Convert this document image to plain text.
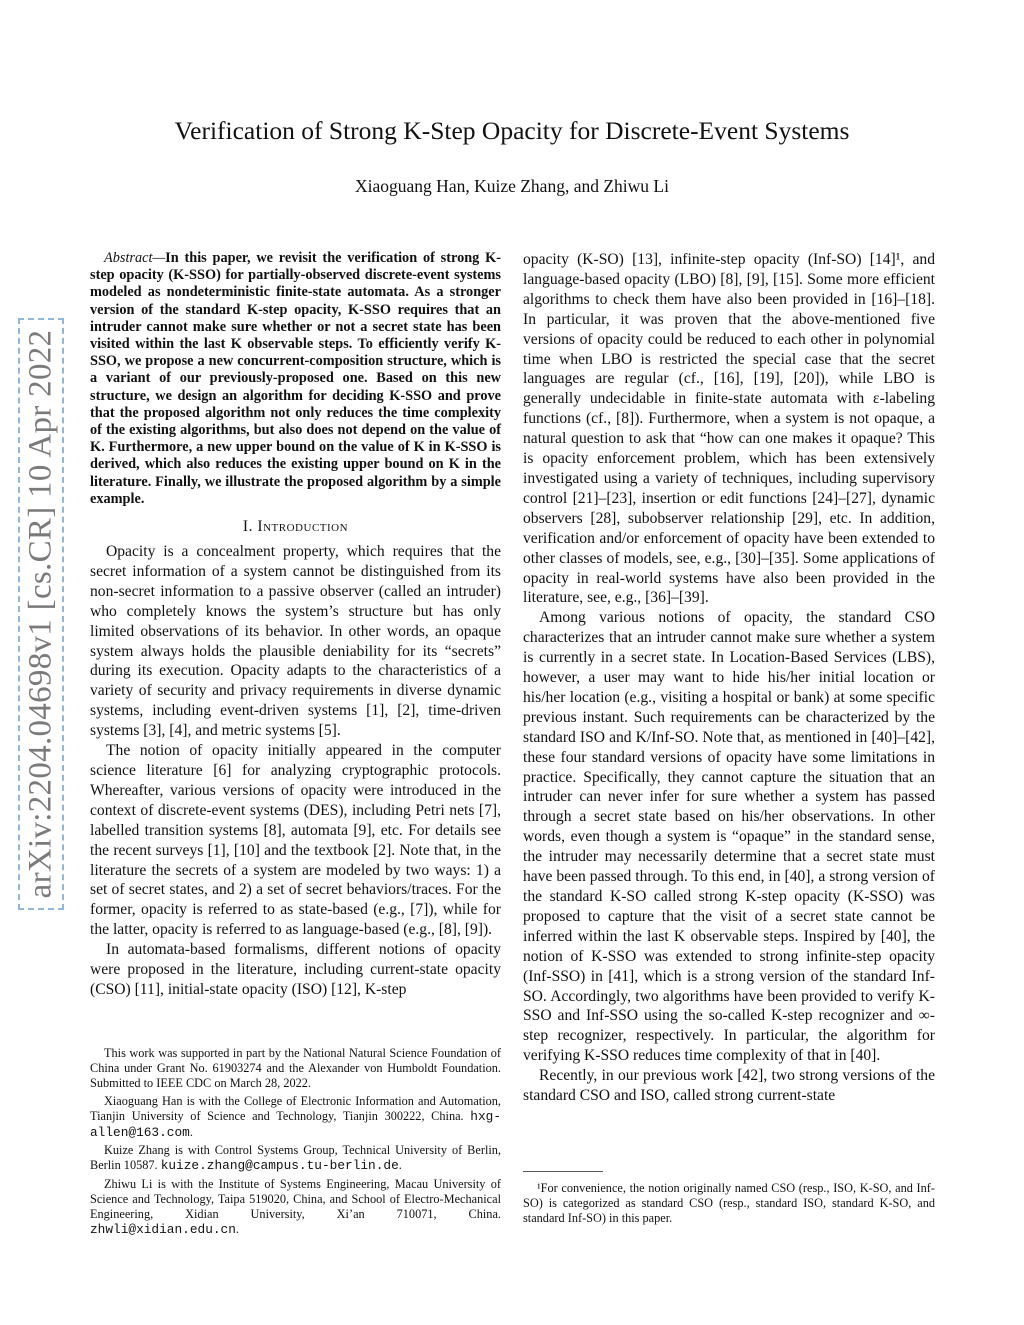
arXiv:2204.04698v1 [cs.CR] 10 Apr 2022
Verification of Strong K-Step Opacity for Discrete-Event Systems
Xiaoguang Han, Kuize Zhang, and Zhiwu Li

Abstract—In this paper, we revisit the verification of strong K-step opacity (K-SSO) for partially-observed discrete-event systems modeled as nondeterministic finite-state automata. As a stronger version of the standard K-step opacity, K-SSO requires that an intruder cannot make sure whether or not a secret state has been visited within the last K observable steps. To efficiently verify K-SSO, we propose a new concurrent-composition structure, which is a variant of our previously-proposed one. Based on this new structure, we design an algorithm for deciding K-SSO and prove that the proposed algorithm not only reduces the time complexity of the existing algorithms, but also does not depend on the value of K. Furthermore, a new upper bound on the value of K in K-SSO is derived, which also reduces the existing upper bound on K in the literature. Finally, we illustrate the proposed algorithm by a simple example.

I. Introduction

Opacity is a concealment property, which requires that the secret information of a system cannot be distinguished from its non-secret information to a passive observer (called an intruder) who completely knows the system’s structure but has only limited observations of its behavior. In other words, an opaque system always holds the plausible deniability for its “secrets” during its execution. Opacity adapts to the characteristics of a variety of security and privacy requirements in diverse dynamic systems, including event-driven systems [1], [2], time-driven systems [3], [4], and metric systems [5].

The notion of opacity initially appeared in the computer science literature [6] for analyzing cryptographic protocols. Whereafter, various versions of opacity were introduced in the context of discrete-event systems (DES), including Petri nets [7], labelled transition systems [8], automata [9], etc. For details see the recent surveys [1], [10] and the textbook [2]. Note that, in the literature the secrets of a system are modeled by two ways: 1) a set of secret states, and 2) a set of secret behaviors/traces. For the former, opacity is referred to as state-based (e.g., [7]), while for the latter, opacity is referred to as language-based (e.g., [8], [9]).

In automata-based formalisms, different notions of opacity were proposed in the literature, including current-state opacity (CSO) [11], initial-state opacity (ISO) [12], K-step

This work was supported in part by the National Natural Science Foundation of China under Grant No. 61903274 and the Alexander von Humboldt Foundation. Submitted to IEEE CDC on March 28, 2022.

Xiaoguang Han is with the College of Electronic Information and Automation, Tianjin University of Science and Technology, Tianjin 300222, China. hxg-allen@163.com.

Kuize Zhang is with Control Systems Group, Technical University of Berlin, Berlin 10587. kuize.zhang@campus.tu-berlin.de.

Zhiwu Li is with the Institute of Systems Engineering, Macau University of Science and Technology, Taipa 519020, China, and School of Electro-Mechanical Engineering, Xidian University, Xi’an 710071, China. zhwli@xidian.edu.cn.

opacity (K-SO) [13], infinite-step opacity (Inf-SO) [14]¹, and language-based opacity (LBO) [8], [9], [15]. Some more efficient algorithms to check them have also been provided in [16]–[18]. In particular, it was proven that the above-mentioned five versions of opacity could be reduced to each other in polynomial time when LBO is restricted the special case that the secret languages are regular (cf., [16], [19], [20]), while LBO is generally undecidable in finite-state automata with ε-labeling functions (cf., [8]). Furthermore, when a system is not opaque, a natural question to ask that “how can one makes it opaque? This is opacity enforcement problem, which has been extensively investigated using a variety of techniques, including supervisory control [21]–[23], insertion or edit functions [24]–[27], dynamic observers [28], subobserver relationship [29], etc. In addition, verification and/or enforcement of opacity have been extended to other classes of models, see, e.g., [30]–[35]. Some applications of opacity in real-world systems have also been provided in the literature, see, e.g., [36]–[39].

Among various notions of opacity, the standard CSO characterizes that an intruder cannot make sure whether a system is currently in a secret state. In Location-Based Services (LBS), however, a user may want to hide his/her initial location or his/her location (e.g., visiting a hospital or bank) at some specific previous instant. Such requirements can be characterized by the standard ISO and K/Inf-SO. Note that, as mentioned in [40]–[42], these four standard versions of opacity have some limitations in practice. Specifically, they cannot capture the situation that an intruder can never infer for sure whether a system has passed through a secret state based on his/her observations. In other words, even though a system is “opaque” in the standard sense, the intruder may necessarily determine that a secret state must have been passed through. To this end, in [40], a strong version of the standard K-SO called strong K-step opacity (K-SSO) was proposed to capture that the visit of a secret state cannot be inferred within the last K observable steps. Inspired by [40], the notion of K-SSO was extended to strong infinite-step opacity (Inf-SSO) in [41], which is a strong version of the standard Inf-SO. Accordingly, two algorithms have been provided to verify K-SSO and Inf-SSO using the so-called K-step recognizer and ∞-step recognizer, respectively. In particular, the algorithm for verifying K-SSO reduces time complexity of that in [40].

Recently, in our previous work [42], two strong versions of the standard CSO and ISO, called strong current-state

¹For convenience, the notion originally named CSO (resp., ISO, K-SO, and Inf-SO) is categorized as standard CSO (resp., standard ISO, standard K-SO, and standard Inf-SO) in this paper.
